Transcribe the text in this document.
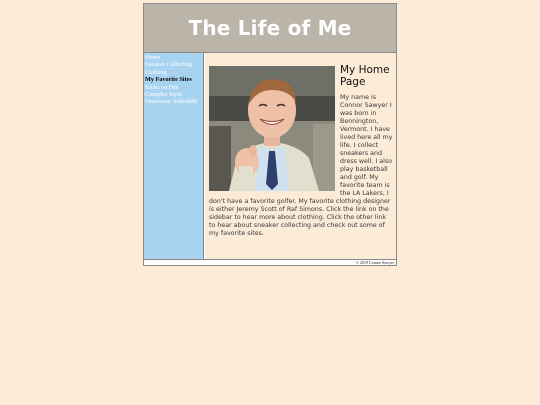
The Life of Me
Home
Sneaker Collecting
Clothing
My Favorite Sites
Kicks on Fire
Complex Style
Streetwear Subreddit
My Home Page

My name is Connor Sawyer I was born in Bennington, Vermont. I have lived here all my life. I collect sneakers and dress well. I also play basketball and golf. My favorite team is the LA Lakers, I don't have a favorite golfer. My favorite clothing designer is either Jeremy Scott of Raf Simons. Click the link on the sidebar to hear more about clothing. Click the other link to hear about sneaker collecting and check out some of my favorite sites.

© 2019 Connor Sawyer
